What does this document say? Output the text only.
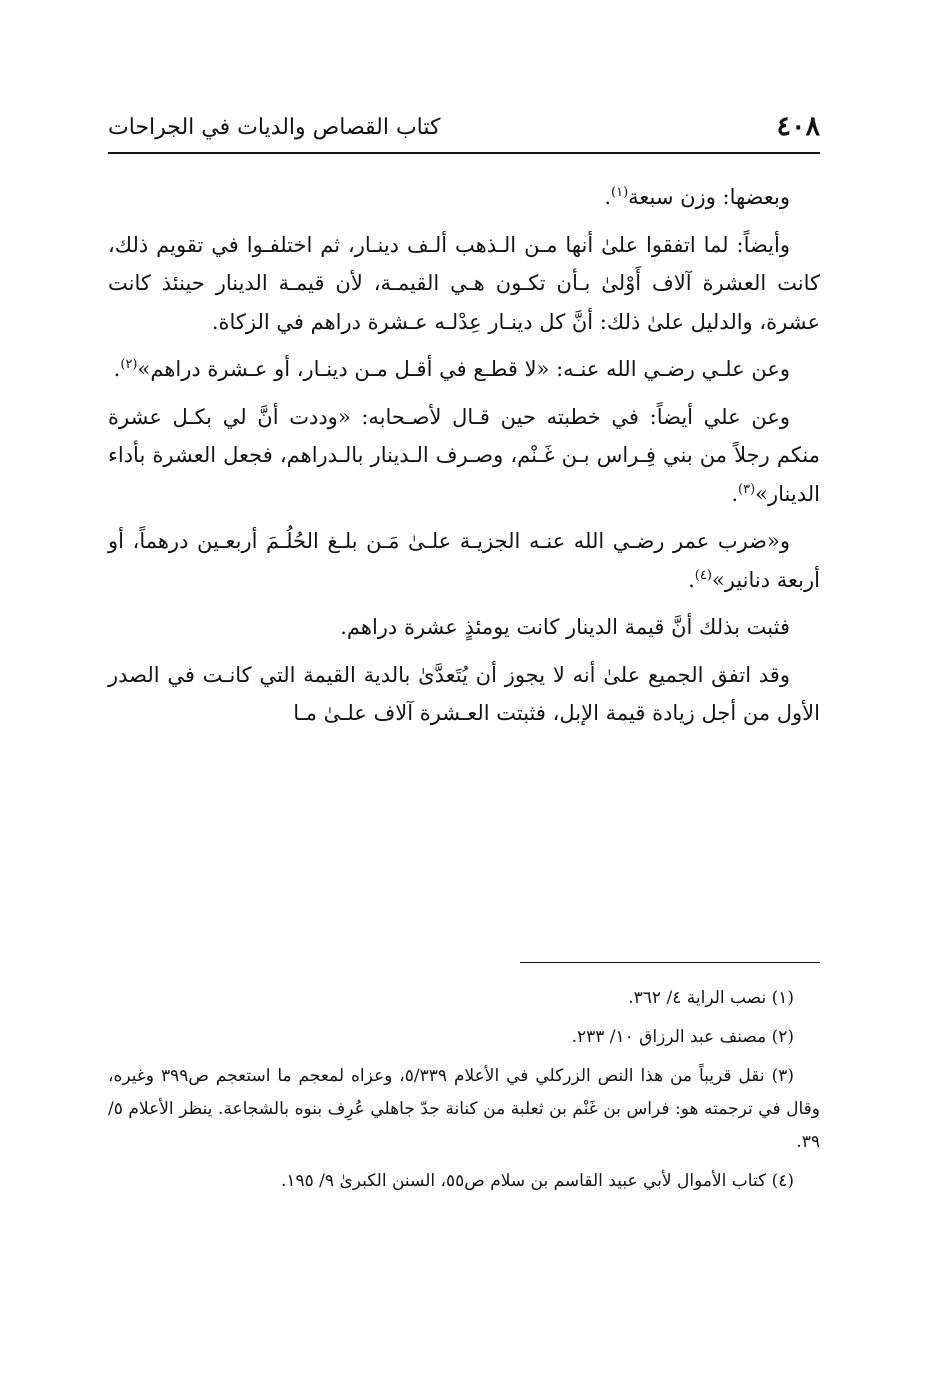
٤٠٨
كتاب القصاص والديات في الجراحات

وبعضها: وزن سبعة$^{(١)}$.

وأيضاً: لما اتفقوا علىٰ أنها مـن الـذهب ألـف دينـار، ثم اختلفـوا في تقويم ذلك، كانت العشرة آلاف أَوْلىٰ بـأن تكـون هـي القيمـة، لأن قيمـة الدينار حينئذ كانت عشرة، والدليل علىٰ ذلك: أنَّ كل دينـار عِدْلـه عـشرة دراهم في الزكاة.

وعن علـي رضـي الله عنـه: «لا قطـع في أقـل مـن دينـار، أو عـشرة دراهم»$^{(٢)}$.

وعن علي أيضاً: في خطبته حين قـال لأصـحابه: «وددت أنَّ لي بكـل عشرة منكم رجلاً من بني فِـراس بـن غَـنْم، وصـرف الـدينار بالـدراهم، فجعل العشرة بأداء الدينار»$^{(٣)}$.

و«ضرب عمر رضـي الله عنـه الجزيـة علـىٰ مَـن بلـغ الحُلُـمَ أربعـين درهماً، أو أربعة دنانير»$^{(٤)}$.

فثبت بذلك أنَّ قيمة الدينار كانت يومئذٍ عشرة دراهم.

وقد اتفق الجميع علىٰ أنه لا يجوز أن يُتَعدَّىٰ بالدية القيمة التي كانـت في الصدر الأول من أجل زيادة قيمة الإبل، فثبتت العـشرة آلاف علـىٰ مـا

(١) نصب الراية ٤/ ٣٦٢.

(٢) مصنف عبد الرزاق ١٠/ ٢٣٣.

(٣) نقل قريباً من هذا النص الزركلي في الأعلام ٥/٣٣٩، وعزاه لمعجم ما استعجم ص٣٩٩ وغيره، وقال في ترجمته هو: فراس بن غَنْم بن ثعلبة من كنانة جدّ جاهلي عُرِف بنوه بالشجاعة. ينظر الأعلام ٥/ ٣٩.

(٤) كتاب الأموال لأبي عبيد القاسم بن سلام ص٥٥، السنن الكبرىٰ ٩/ ١٩٥.
